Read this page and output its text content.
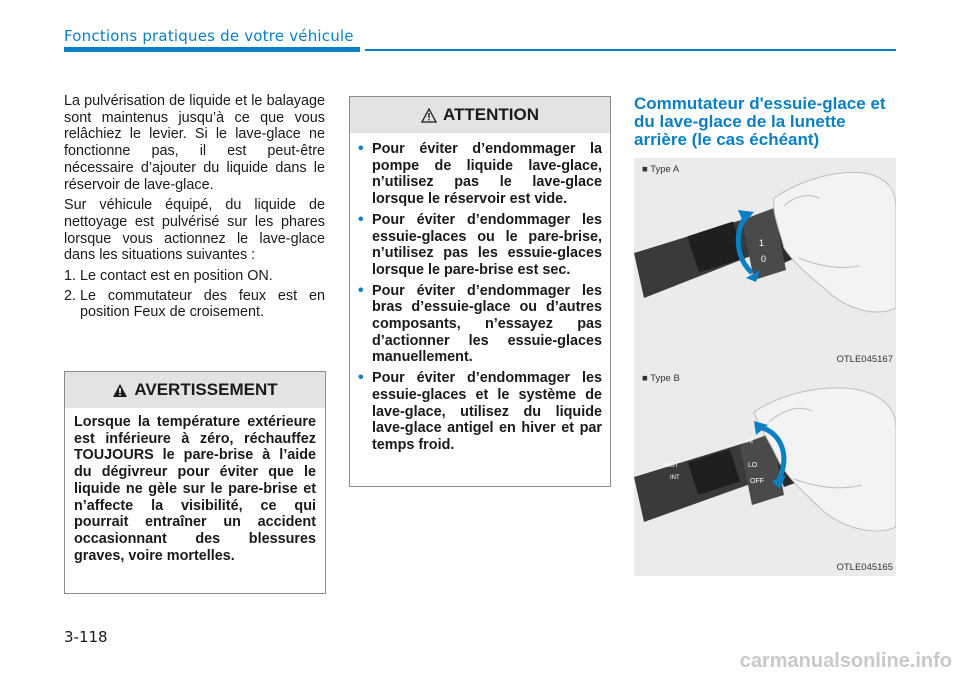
Fonctions pratiques de votre véhicule

La pulvérisation de liquide et le balayage sont maintenus jusqu’à ce que vous relâchiez le levier. Si le lave-glace ne fonctionne pas, il est peut-être nécessaire d’ajouter du liquide dans le réservoir de lave-glace.

Sur véhicule équipé, du liquide de nettoyage est pulvérisé sur les phares lorsque vous actionnez le lave-glace dans les situations suivantes :

1. Le contact est en position ON.
2. Le commutateur des feux est en position Feux de croisement.
AVERTISSEMENT
Lorsque la température extérieure est inférieure à zéro, réchauffez TOUJOURS le pare-brise à l’aide du dégivreur pour éviter que le liquide ne gèle sur le pare-brise et n’affecte la visibilité, ce qui pourrait entraîner un accident occasionnant des blessures graves, voire mortelles.
ATTENTION
• Pour éviter d’endommager la pompe de liquide lave-glace, n’utilisez pas le lave-glace lorsque le réservoir est vide.
• Pour éviter d’endommager les essuie-glaces ou le pare-brise, n’utilisez pas les essuie-glaces lorsque le pare-brise est sec.
• Pour éviter d’endommager les bras d’essuie-glace ou d’autres composants, n’essayez pas d’actionner les essuie-glaces manuellement.
• Pour éviter d’endommager les essuie-glaces et le système de lave-glace, utilisez du liquide lave-glace antigel en hiver et par temps froid.
Commutateur d'essuie-glace et du lave-glace de la lunette arrière (le cas échéant)
1
0
■ Type A
OTLE045167
HI
LO
OFF
MIST
INT
■ Type B
OTLE045165
3-118
carmanualsonline.info
